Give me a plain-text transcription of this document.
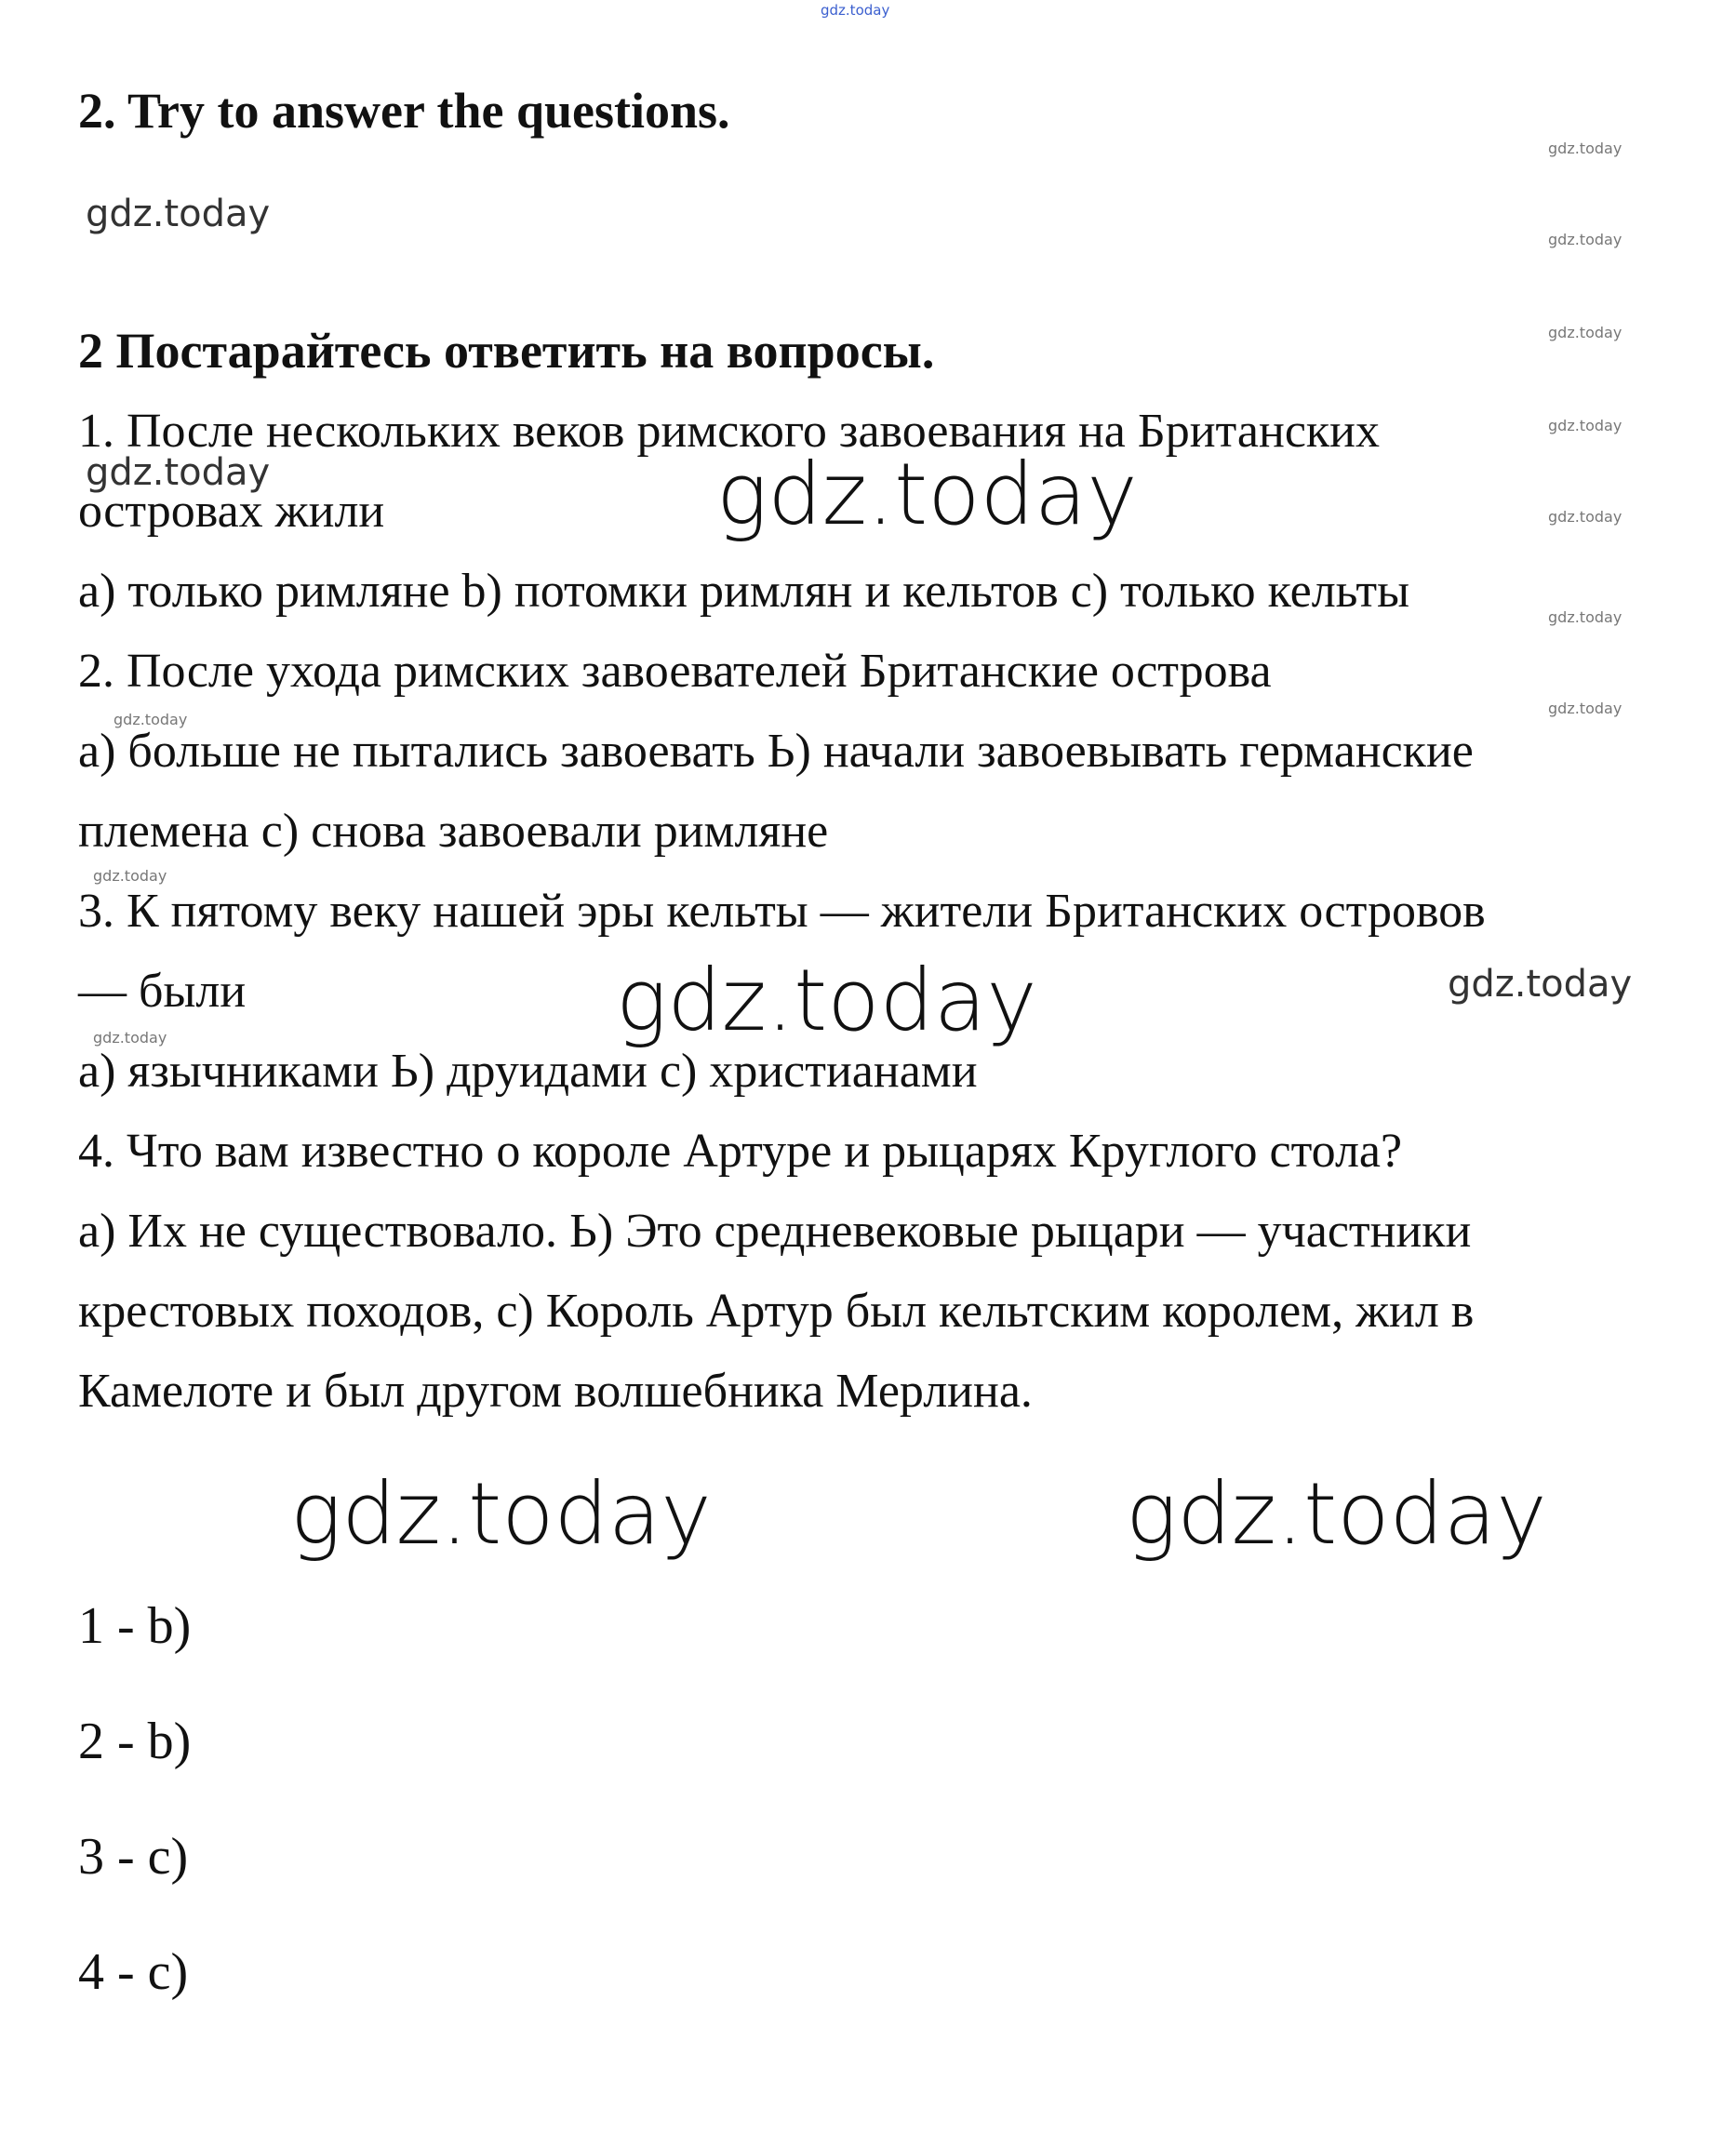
2. Try to answer the questions.
2 Постарайтесь ответить на вопросы.
1. После нескольких веков римского завоевания на Британских
островах жили
a) только римляне b) потомки римлян и кельтов c) только кельты
2. После ухода римских завоевателей Британские острова
a) больше не пытались завоевать Ь) начали завоевывать германские
племена c) снова завоевали римляне
3. К пятому веку нашей эры кельты — жители Британских островов
— были
a) язычниками Ь) друидами c) христианами
4. Что вам известно о короле Артуре и рыцарях Круглого стола?
a) Их не существовало. Ь) Это средневековые рыцари — участники
крестовых походов, c) Король Артур был кельтским королем, жил в
Камелоте и был другом волшебника Мерлина.
1 - b)
2 - b)
3 - c)
4 - c)
gdz.today
gdz.today
gdz.today
gdz.today
gdz.today
gdz.today
gdz.today
gdz.today
gdz.today
gdz.today
gdz.today
gdz.today
gdz.today
gdz.today
gdz.today
gdz.today
gdz.today	gdz.today
